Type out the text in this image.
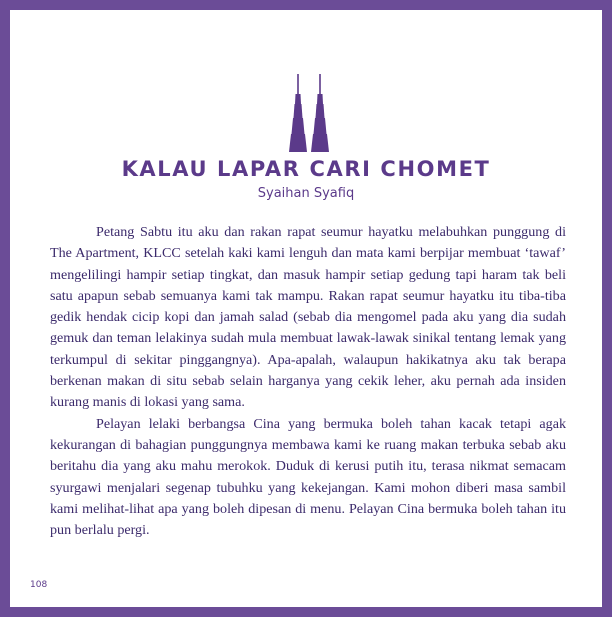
KALAU LAPAR CARI CHOMET
Syaihan Syafiq

Petang Sabtu itu aku dan rakan rapat seumur hayatku melabuhkan punggung di The Apartment, KLCC setelah kaki kami lenguh dan mata kami berpijar membuat ‘tawaf’ mengelilingi hampir setiap tingkat, dan masuk hampir setiap gedung tapi haram tak beli satu apapun sebab semuanya kami tak mampu. Rakan rapat seumur hayatku itu tiba-tiba gedik hendak cicip kopi dan jamah salad (sebab dia mengomel pada aku yang dia sudah gemuk dan teman lelakinya sudah mula membuat lawak-lawak sinikal tentang lemak yang terkumpul di sekitar pinggangnya). Apa-apalah, walaupun hakikatnya aku tak berapa berkenan makan di situ sebab selain harganya yang cekik leher, aku pernah ada insiden kurang manis di lokasi yang sama.

Pelayan lelaki berbangsa Cina yang bermuka boleh tahan kacak tetapi agak kekurangan di bahagian punggungnya membawa kami ke ruang makan terbuka sebab aku beritahu dia yang aku mahu merokok. Duduk di kerusi putih itu, terasa nikmat semacam syurgawi menjalari segenap tubuhku yang kekejangan. Kami mohon diberi masa sambil kami melihat-lihat apa yang boleh dipesan di menu. Pelayan Cina bermuka boleh tahan itu pun berlalu pergi.

108
